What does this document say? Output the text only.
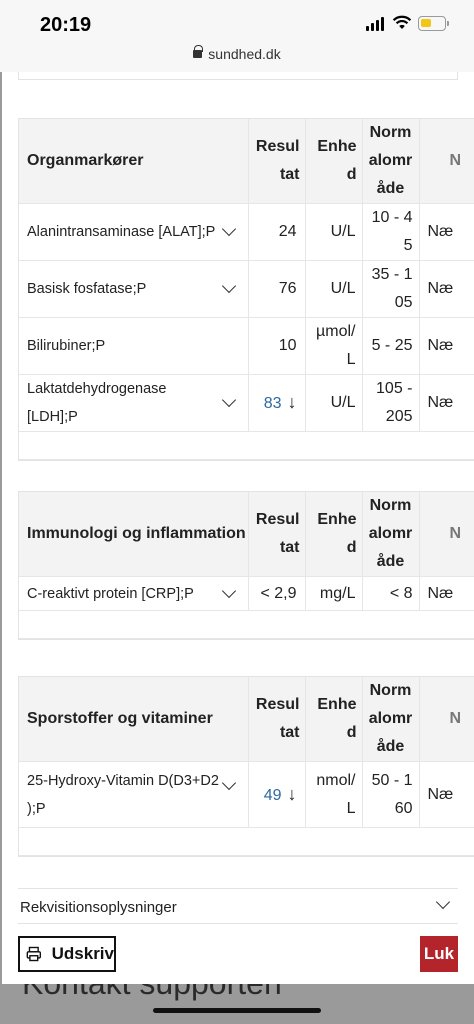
20:19
sundhed.dk
Organmarkører	Resul tat	Enhe d	Norm alomr åde	N
Alanintransaminase [ALAT];P	24	U/L	10 - 4 5	Næ
Basisk fosfatase;P	76	U/L	35 - 1 05	Næ
Bilirubiner;P	10	µmol/ L	5 - 25	Næ
Laktatdehydrogenase [LDH];P	83 ↓	U/L	105 - 205	Næ

Immunologi og inflammation	Resul tat	Enhe d	Norm alomr åde	N
C-reaktivt protein [CRP];P	< 2,9	mg/L	< 8	Næ

Sporstoffer og vitaminer	Resul tat	Enhe d	Norm alomr åde	N
25-Hydroxy-Vitamin D(D3+D2 );P	49 ↓	nmol/ L	50 - 1 60	Næ

Rekvisitionsoplysninger
Udskriv	Luk
